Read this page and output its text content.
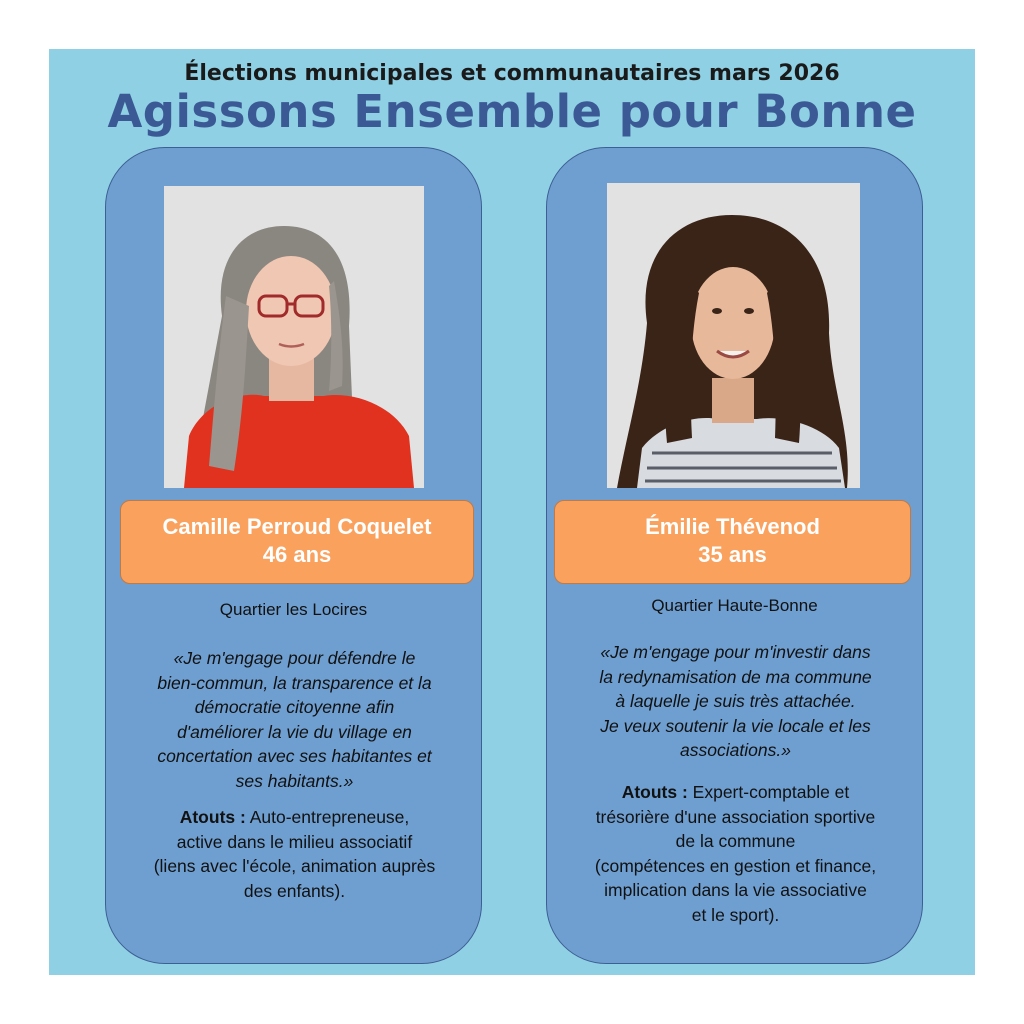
Élections municipales et communautaires mars 2026
Agissons Ensemble pour Bonne
Camille Perroud Coquelet
46 ans
Quartier les Locires
«Je m'engage pour défendre le
bien-commun, la transparence et la
démocratie citoyenne afin
d'améliorer la vie du village en
concertation avec ses habitantes et
ses habitants.»
Atouts : Auto-entrepreneuse,
active dans le milieu associatif
(liens avec l'école, animation auprès
des enfants).
Émilie Thévenod
35 ans
Quartier Haute-Bonne
«Je m'engage pour m'investir dans
la redynamisation de ma commune
à laquelle je suis très attachée.
Je veux soutenir la vie locale et les
associations.»
Atouts : Expert-comptable et
trésorière d'une association sportive
de la commune
(compétences en gestion et finance,
implication dans la vie associative
et le sport).
